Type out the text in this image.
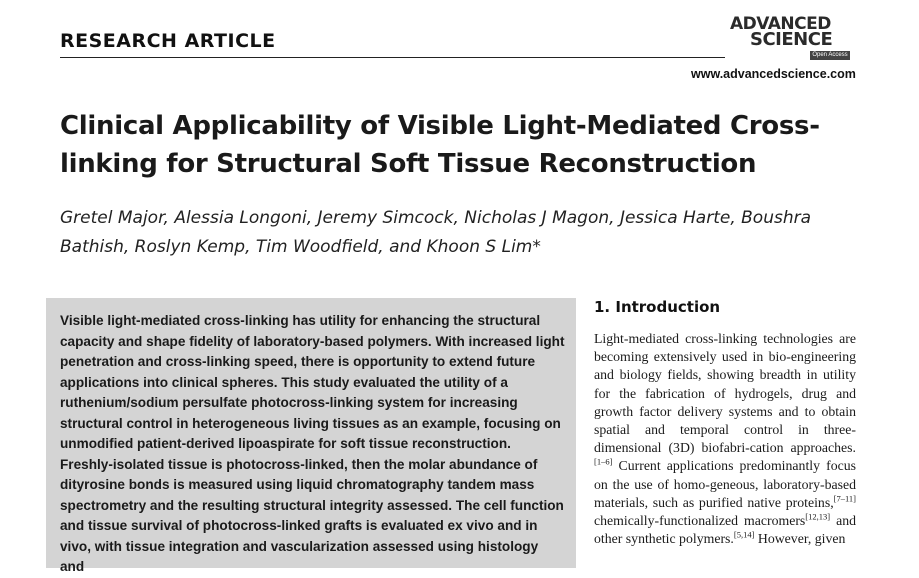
RESEARCH ARTICLE
ADVANCED
SCIENCE
Open Access
www.advancedscience.com
Clinical Applicability of Visible Light-Mediated Cross-linking for Structural Soft Tissue Reconstruction

Gretel Major, Alessia Longoni, Jeremy Simcock, Nicholas J Magon, Jessica Harte, Boushra Bathish, Roslyn Kemp, Tim Woodfield, and Khoon S Lim*

Visible light-mediated cross-linking has utility for enhancing the structural capacity and shape fidelity of laboratory-based polymers. With increased light penetration and cross-linking speed, there is opportunity to extend future applications into clinical spheres. This study evaluated the utility of a ruthenium/sodium persulfate photocross-linking system for increasing structural control in heterogeneous living tissues as an example, focusing on unmodified patient-derived lipoaspirate for soft tissue reconstruction. Freshly-isolated tissue is photocross-linked, then the molar abundance of dityrosine bonds is measured using liquid chromatography tandem mass spectrometry and the resulting structural integrity assessed. The cell function and tissue survival of photocross-linked grafts is evaluated ex vivo and in vivo, with tissue integration and vascularization assessed using histology and

1. Introduction

Light-mediated cross-linking technologies are becoming extensively used in bio-engineering and biology fields, showing breadth in utility for the fabrication of hydrogels, drug and growth factor delivery systems and to obtain spatial and temporal control in three-dimensional (3D) biofabri-cation approaches.[1–6] Current applications predominantly focus on the use of homo-geneous, laboratory-based materials, such as purified native proteins,[7–11] chemically-functionalized macromers[12,13] and other synthetic polymers.[5,14] However, given
